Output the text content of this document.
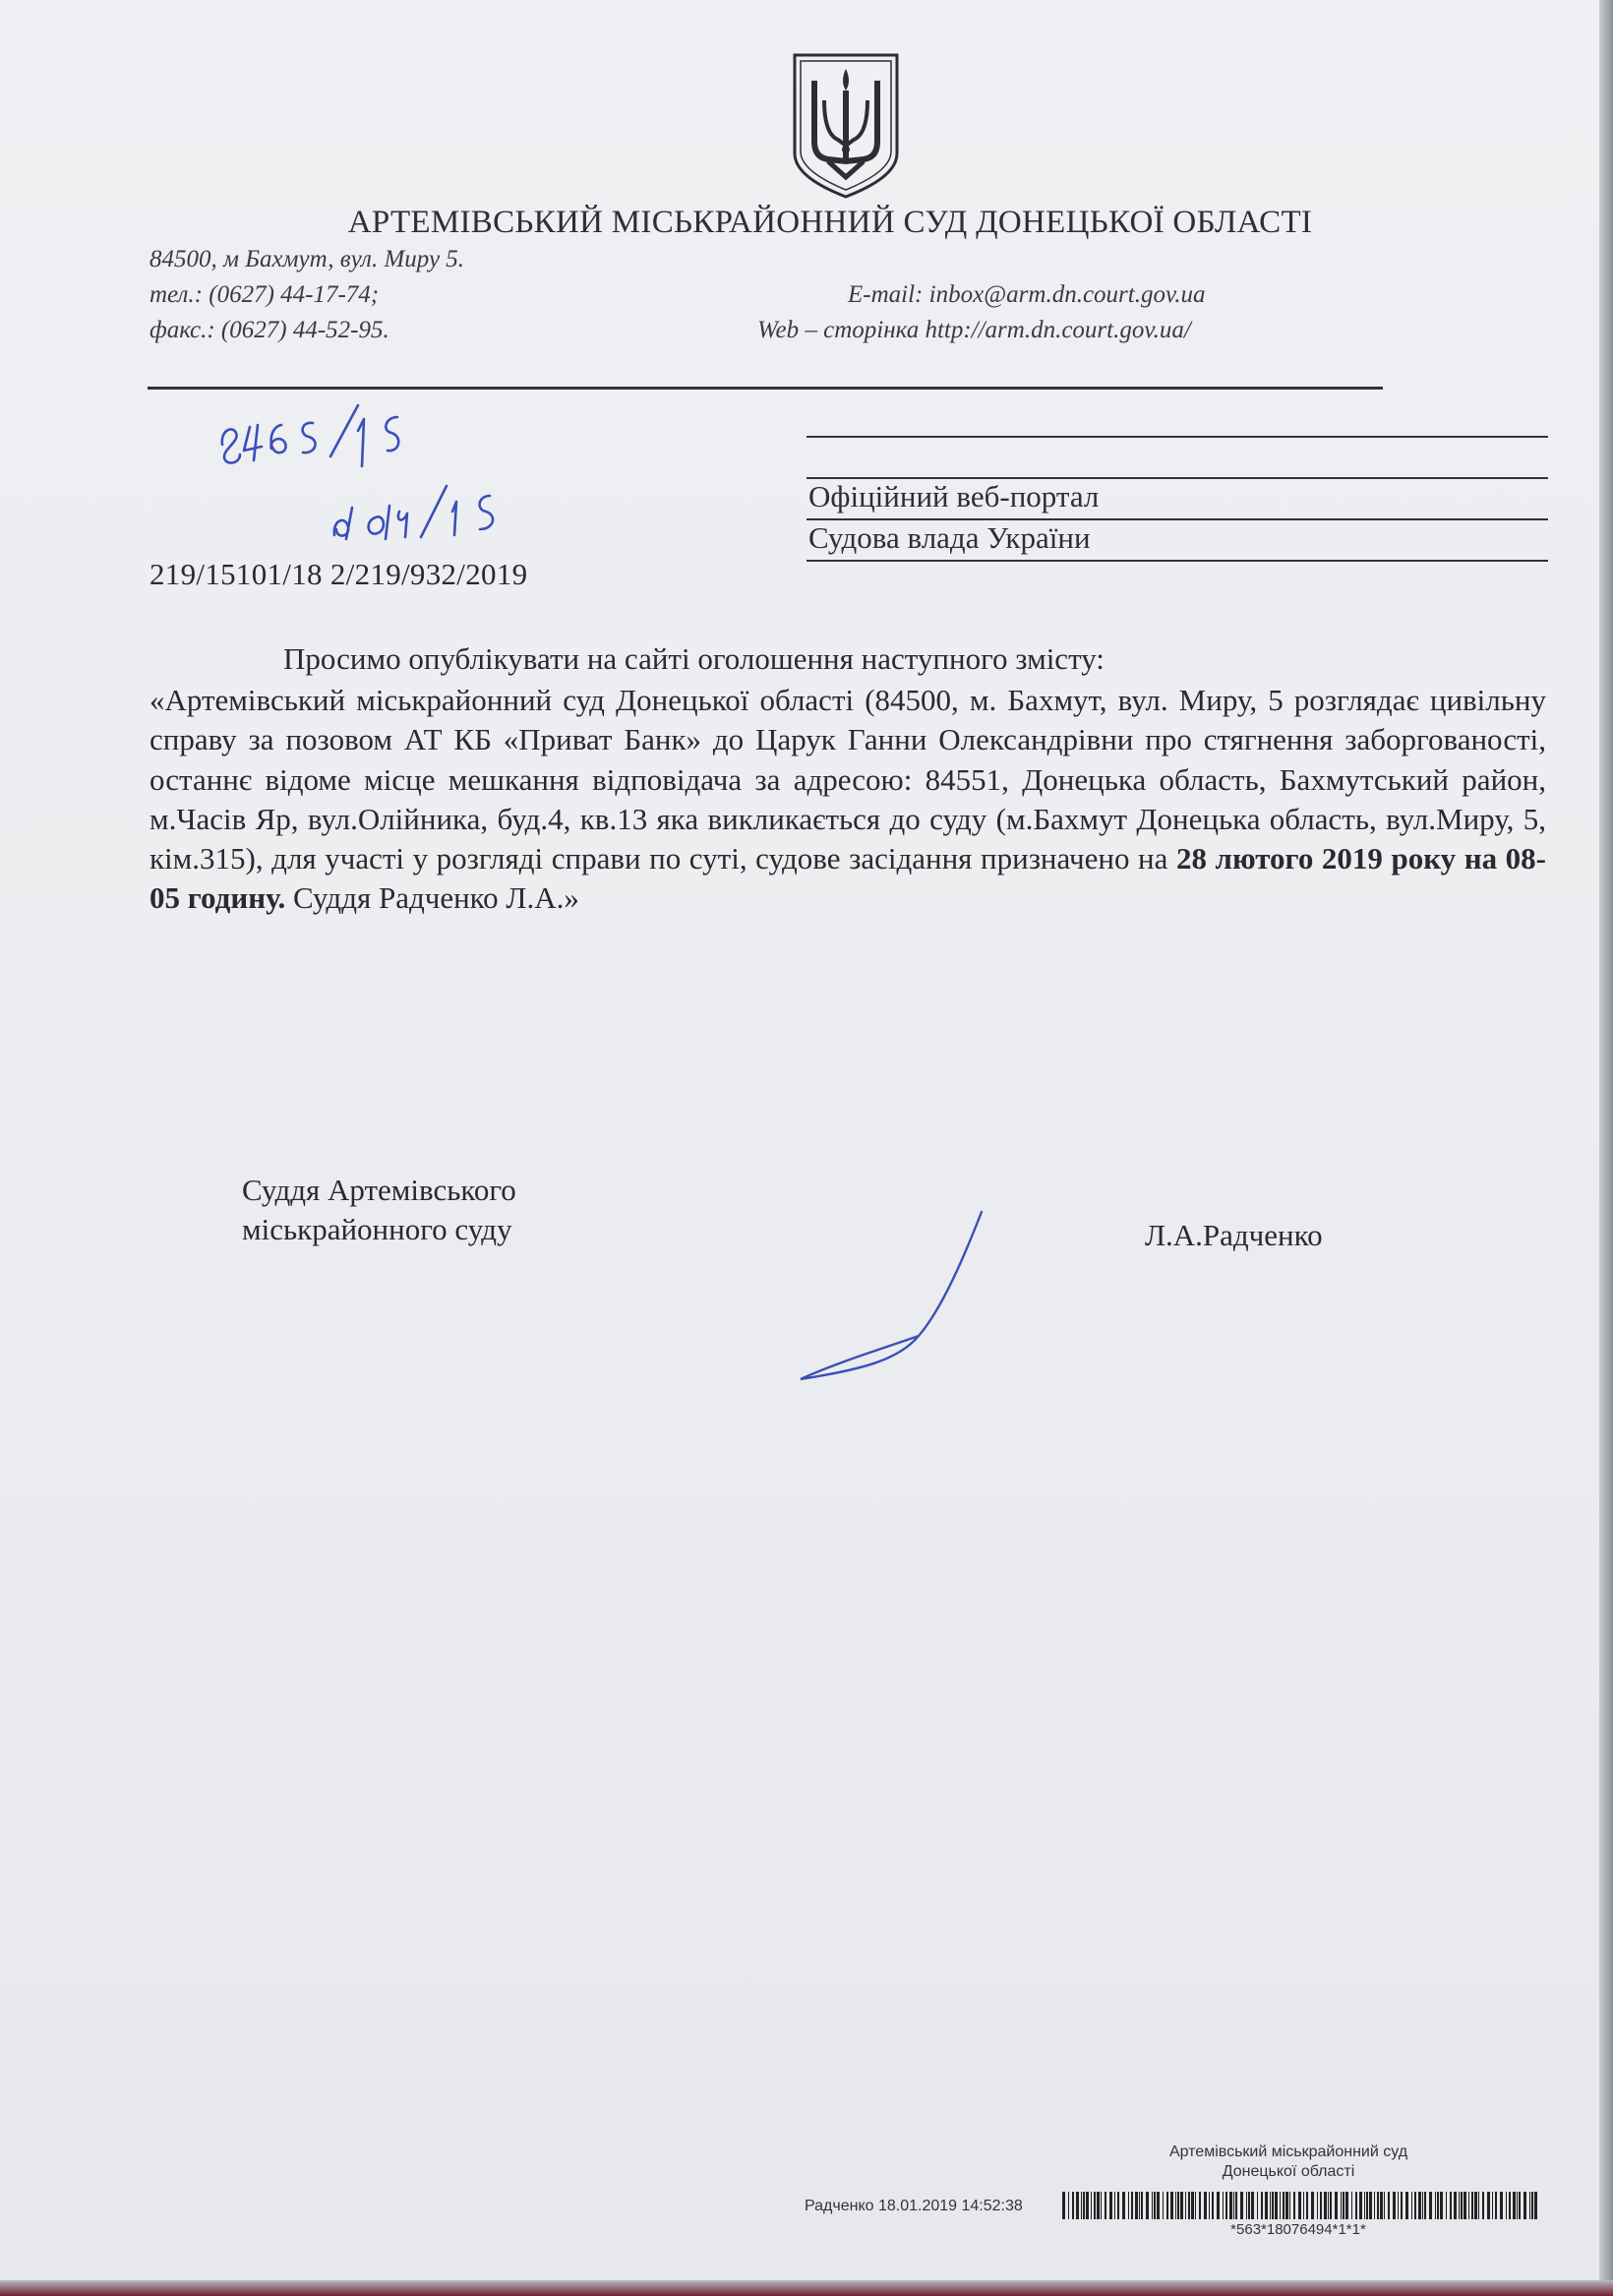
АРТЕМІВСЬКИЙ МІСЬКРАЙОННИЙ СУД ДОНЕЦЬКОЇ ОБЛАСТІ
84500, м Бахмут, вул. Миру 5.
тел.: (0627) 44-17-74;
факс.: (0627) 44-52-95.
E-mail: inbox@arm.dn.court.gov.ua
Web – сторінка http://arm.dn.court.gov.ua/
Офіційний веб-портал
Судова влада України
219/15101/18 2/219/932/2019
Просимо опублікувати на сайті оголошення наступного змісту:
«Артемівський міськрайонний суд Донецької області (84500, м. Бахмут, вул. Миру, 5 розглядає цивільну справу за позовом АТ КБ «Приват Банк» до Царук Ганни Олександрівни про стягнення заборгованості, останнє відоме місце мешкання відповідача за адресою: 84551, Донецька область, Бахмутський район, м.Часів Яр, вул.Олійника, буд.4, кв.13 яка викликається до суду (м.Бахмут Донецька область, вул.Миру, 5, кім.315), для участі у розгляді справи по суті, судове засідання призначено на 28 лютого 2019 року на 08-05 годину. Суддя Радченко Л.А.»
Суддя Артемівського
міськрайонного суду	Л.А.Радченко
Артемівський міськрайонний суд
Донецької області
Радченко 18.01.2019 14:52:38
*563*18076494*1*1*
